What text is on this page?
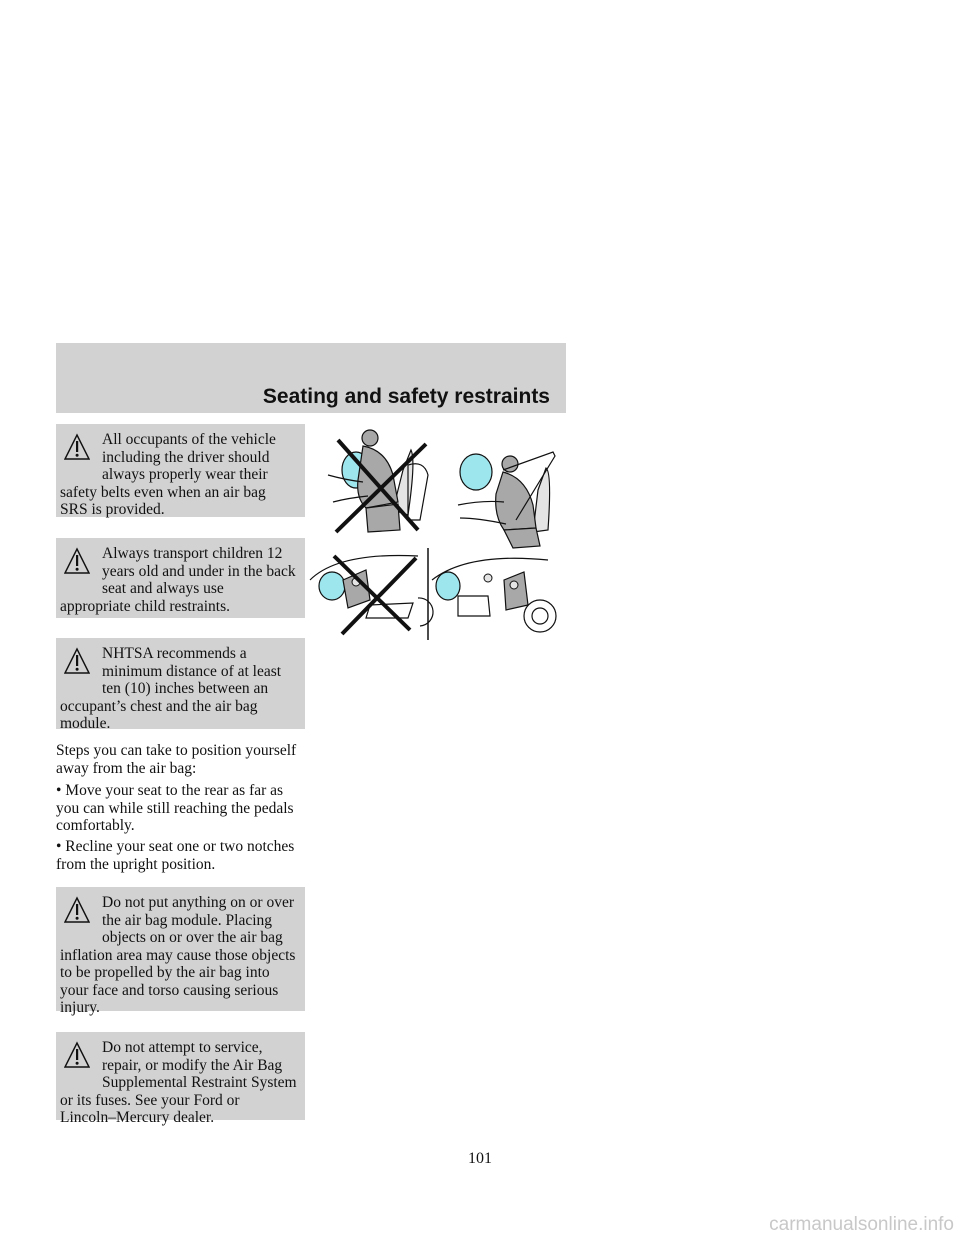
Seating and safety restraints
All occupants of the vehicle including the driver should always properly wear their safety belts even when an air bag SRS is provided.
Always transport children 12 years old and under in the back seat and always use appropriate child restraints.
NHTSA recommends a minimum distance of at least ten (10) inches between an occupant’s chest and the air bag module.

Steps you can take to position yourself away from the air bag:

• Move your seat to the rear as far as you can while still reaching the pedals comfortably.

• Recline your seat one or two notches from the upright position.

Do not put anything on or over the air bag module. Placing objects on or over the air bag inflation area may cause those objects to be propelled by the air bag into your face and torso causing serious injury.
Do not attempt to service, repair, or modify the Air Bag Supplemental Restraint System or its fuses. See your Ford or Lincoln–Mercury dealer.
101
carmanualsonline.info
